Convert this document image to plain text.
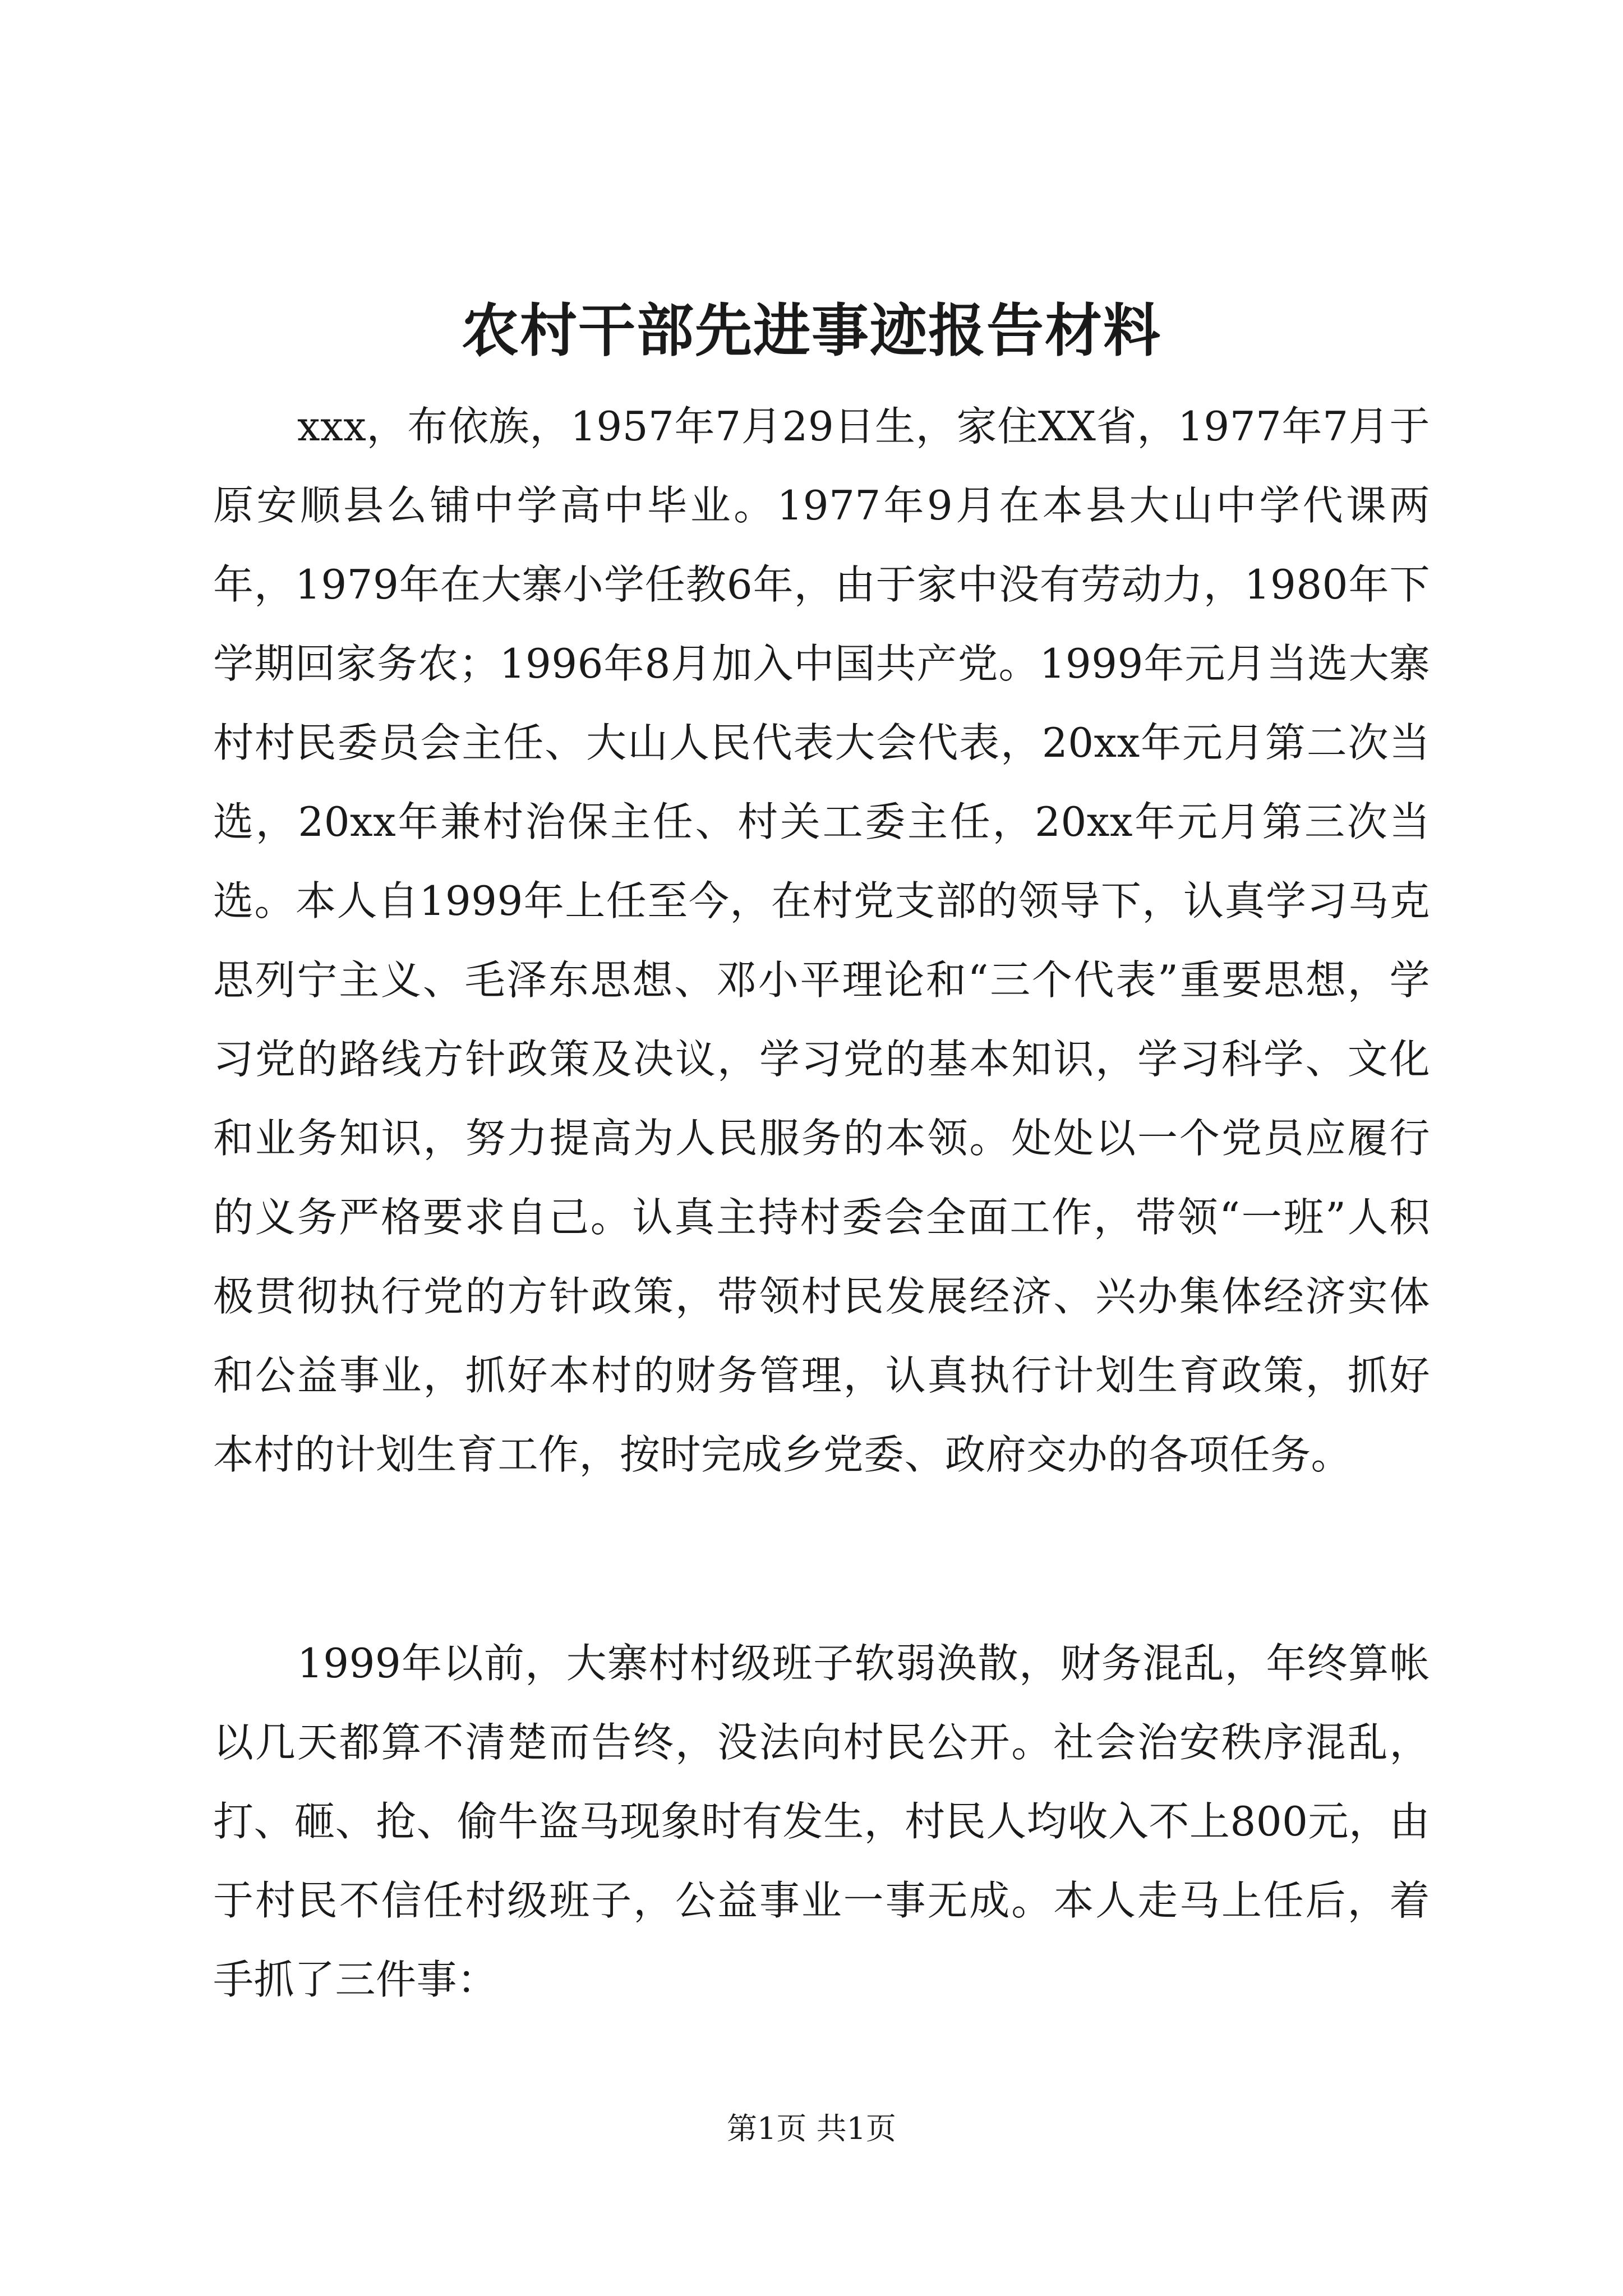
农村干部先进事迹报告材料

xxx，布依族，1957年7月29日生，家住XX省，1977年7月于原安顺县么铺中学高中毕业。1977年9月在本县大山中学代课两年，1979年在大寨小学任教6年，由于家中没有劳动力，1980年下学期回家务农；1996年8月加入中国共产党。1999年元月当选大寨村村民委员会主任、大山人民代表大会代表，20xx年元月第二次当选，20xx年兼村治保主任、村关工委主任，20xx年元月第三次当选。本人自1999年上任至今，在村党支部的领导下，认真学习马克思列宁主义、毛泽东思想、邓小平理论和“三个代表”重要思想，学习党的路线方针政策及决议，学习党的基本知识，学习科学、文化和业务知识，努力提高为人民服务的本领。处处以一个党员应履行的义务严格要求自己。认真主持村委会全面工作，带领“一班”人积极贯彻执行党的方针政策，带领村民发展经济、兴办集体经济实体和公益事业，抓好本村的财务管理，认真执行计划生育政策，抓好本村的计划生育工作，按时完成乡党委、政府交办的各项任务。

1999年以前，大寨村村级班子软弱涣散，财务混乱，年终算帐以几天都算不清楚而告终，没法向村民公开。社会治安秩序混乱，打、砸、抢、偷牛盗马现象时有发生，村民人均收入不上800元，由于村民不信任村级班子，公益事业一事无成。本人走马上任后，着手抓了三件事：

第1页 共1页
